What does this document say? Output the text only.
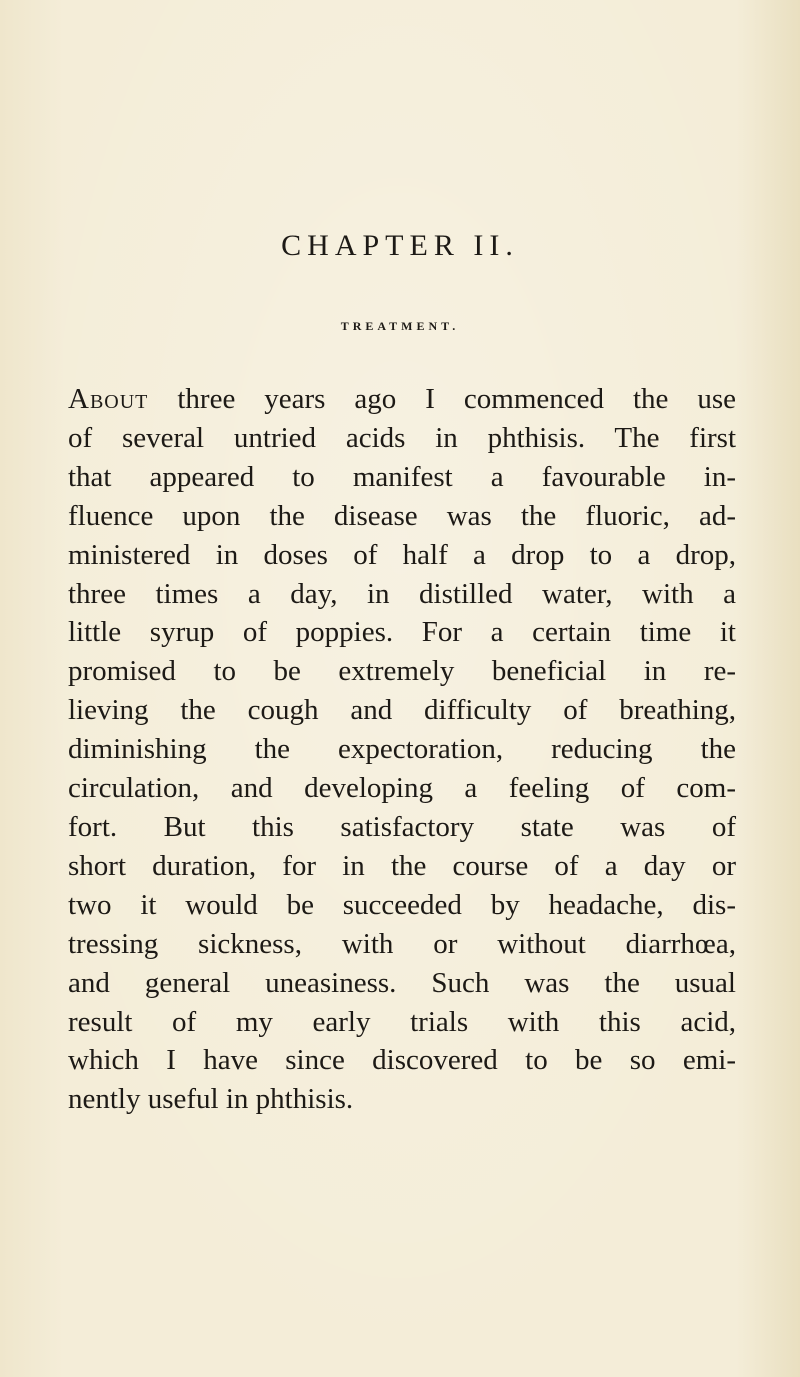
CHAPTER II.
TREATMENT.
About three years ago I commenced the use
of several untried acids in phthisis. The first
that appeared to manifest a favourable in-
fluence upon the disease was the fluoric, ad-
ministered in doses of half a drop to a drop,
three times a day, in distilled water, with a
little syrup of poppies. For a certain time it
promised to be extremely beneficial in re-
lieving the cough and difficulty of breathing,
diminishing the expectoration, reducing the
circulation, and developing a feeling of com-
fort. But this satisfactory state was of
short duration, for in the course of a day or
two it would be succeeded by headache, dis-
tressing sickness, with or without diarrhœa,
and general uneasiness. Such was the usual
result of my early trials with this acid,
which I have since discovered to be so emi-
nently useful in phthisis.
